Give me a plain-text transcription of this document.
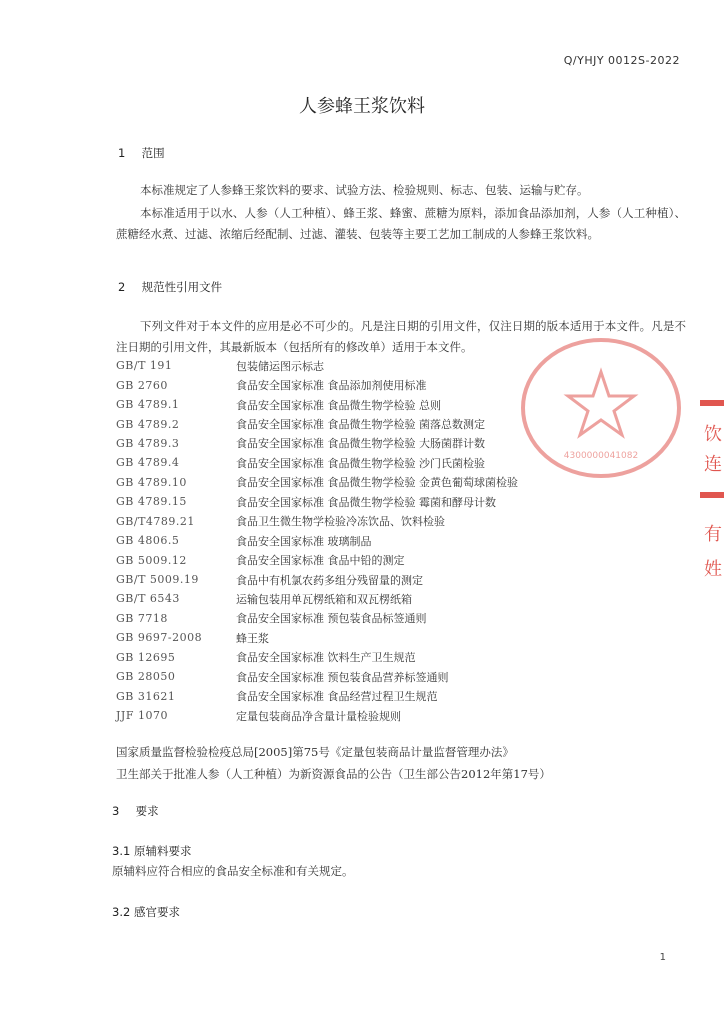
Q/YHJY 0012S-2022
人参蜂王浆饮料
1 范围
本标准规定了人参蜂王浆饮料的要求、试验方法、检验规则、标志、包装、运输与贮存。
本标准适用于以水、人参（人工种植）、蜂王浆、蜂蜜、蔗糖为原料，添加食品添加剂，人参（人工种植）、蔗糖经水煮、过滤、浓缩后经配制、过滤、灌装、包装等主要工艺加工制成的人参蜂王浆饮料。
2 规范性引用文件
下列文件对于本文件的应用是必不可少的。凡是注日期的引用文件，仅注日期的版本适用于本文件。凡是不注日期的引用文件，其最新版本（包括所有的修改单）适用于本文件。
GB/T 191	包装储运图示标志
GB 2760	食品安全国家标准 食品添加剂使用标准
GB 4789.1	食品安全国家标准 食品微生物学检验 总则
GB 4789.2	食品安全国家标准 食品微生物学检验 菌落总数测定
GB 4789.3	食品安全国家标准 食品微生物学检验 大肠菌群计数
GB 4789.4	食品安全国家标准 食品微生物学检验 沙门氏菌检验
GB 4789.10	食品安全国家标准 食品微生物学检验 金黄色葡萄球菌检验
GB 4789.15	食品安全国家标准 食品微生物学检验 霉菌和酵母计数
GB/T4789.21	食品卫生微生物学检验冷冻饮品、饮料检验
GB 4806.5	食品安全国家标准 玻璃制品
GB 5009.12	食品安全国家标准 食品中铅的测定
GB/T 5009.19	食品中有机氯农药多组分残留量的测定
GB/T 6543	运输包装用单瓦楞纸箱和双瓦楞纸箱
GB 7718	食品安全国家标准 预包装食品标签通则
GB 9697-2008	蜂王浆
GB 12695	食品安全国家标准 饮料生产卫生规范
GB 28050	食品安全国家标准 预包装食品营养标签通则
GB 31621	食品安全国家标准 食品经营过程卫生规范
JJF 1070	定量包装商品净含量计量检验规则
国家质量监督检验检疫总局[2005]第75号《定量包装商品计量监督管理办法》
卫生部关于批准人参（人工种植）为新资源食品的公告（卫生部公告2012年第17号）
3 要求
3.1 原辅料要求
原辅料应符合相应的食品安全标准和有关规定。
3.2 感官要求
4300000041082
饮
连
有
姓
1
